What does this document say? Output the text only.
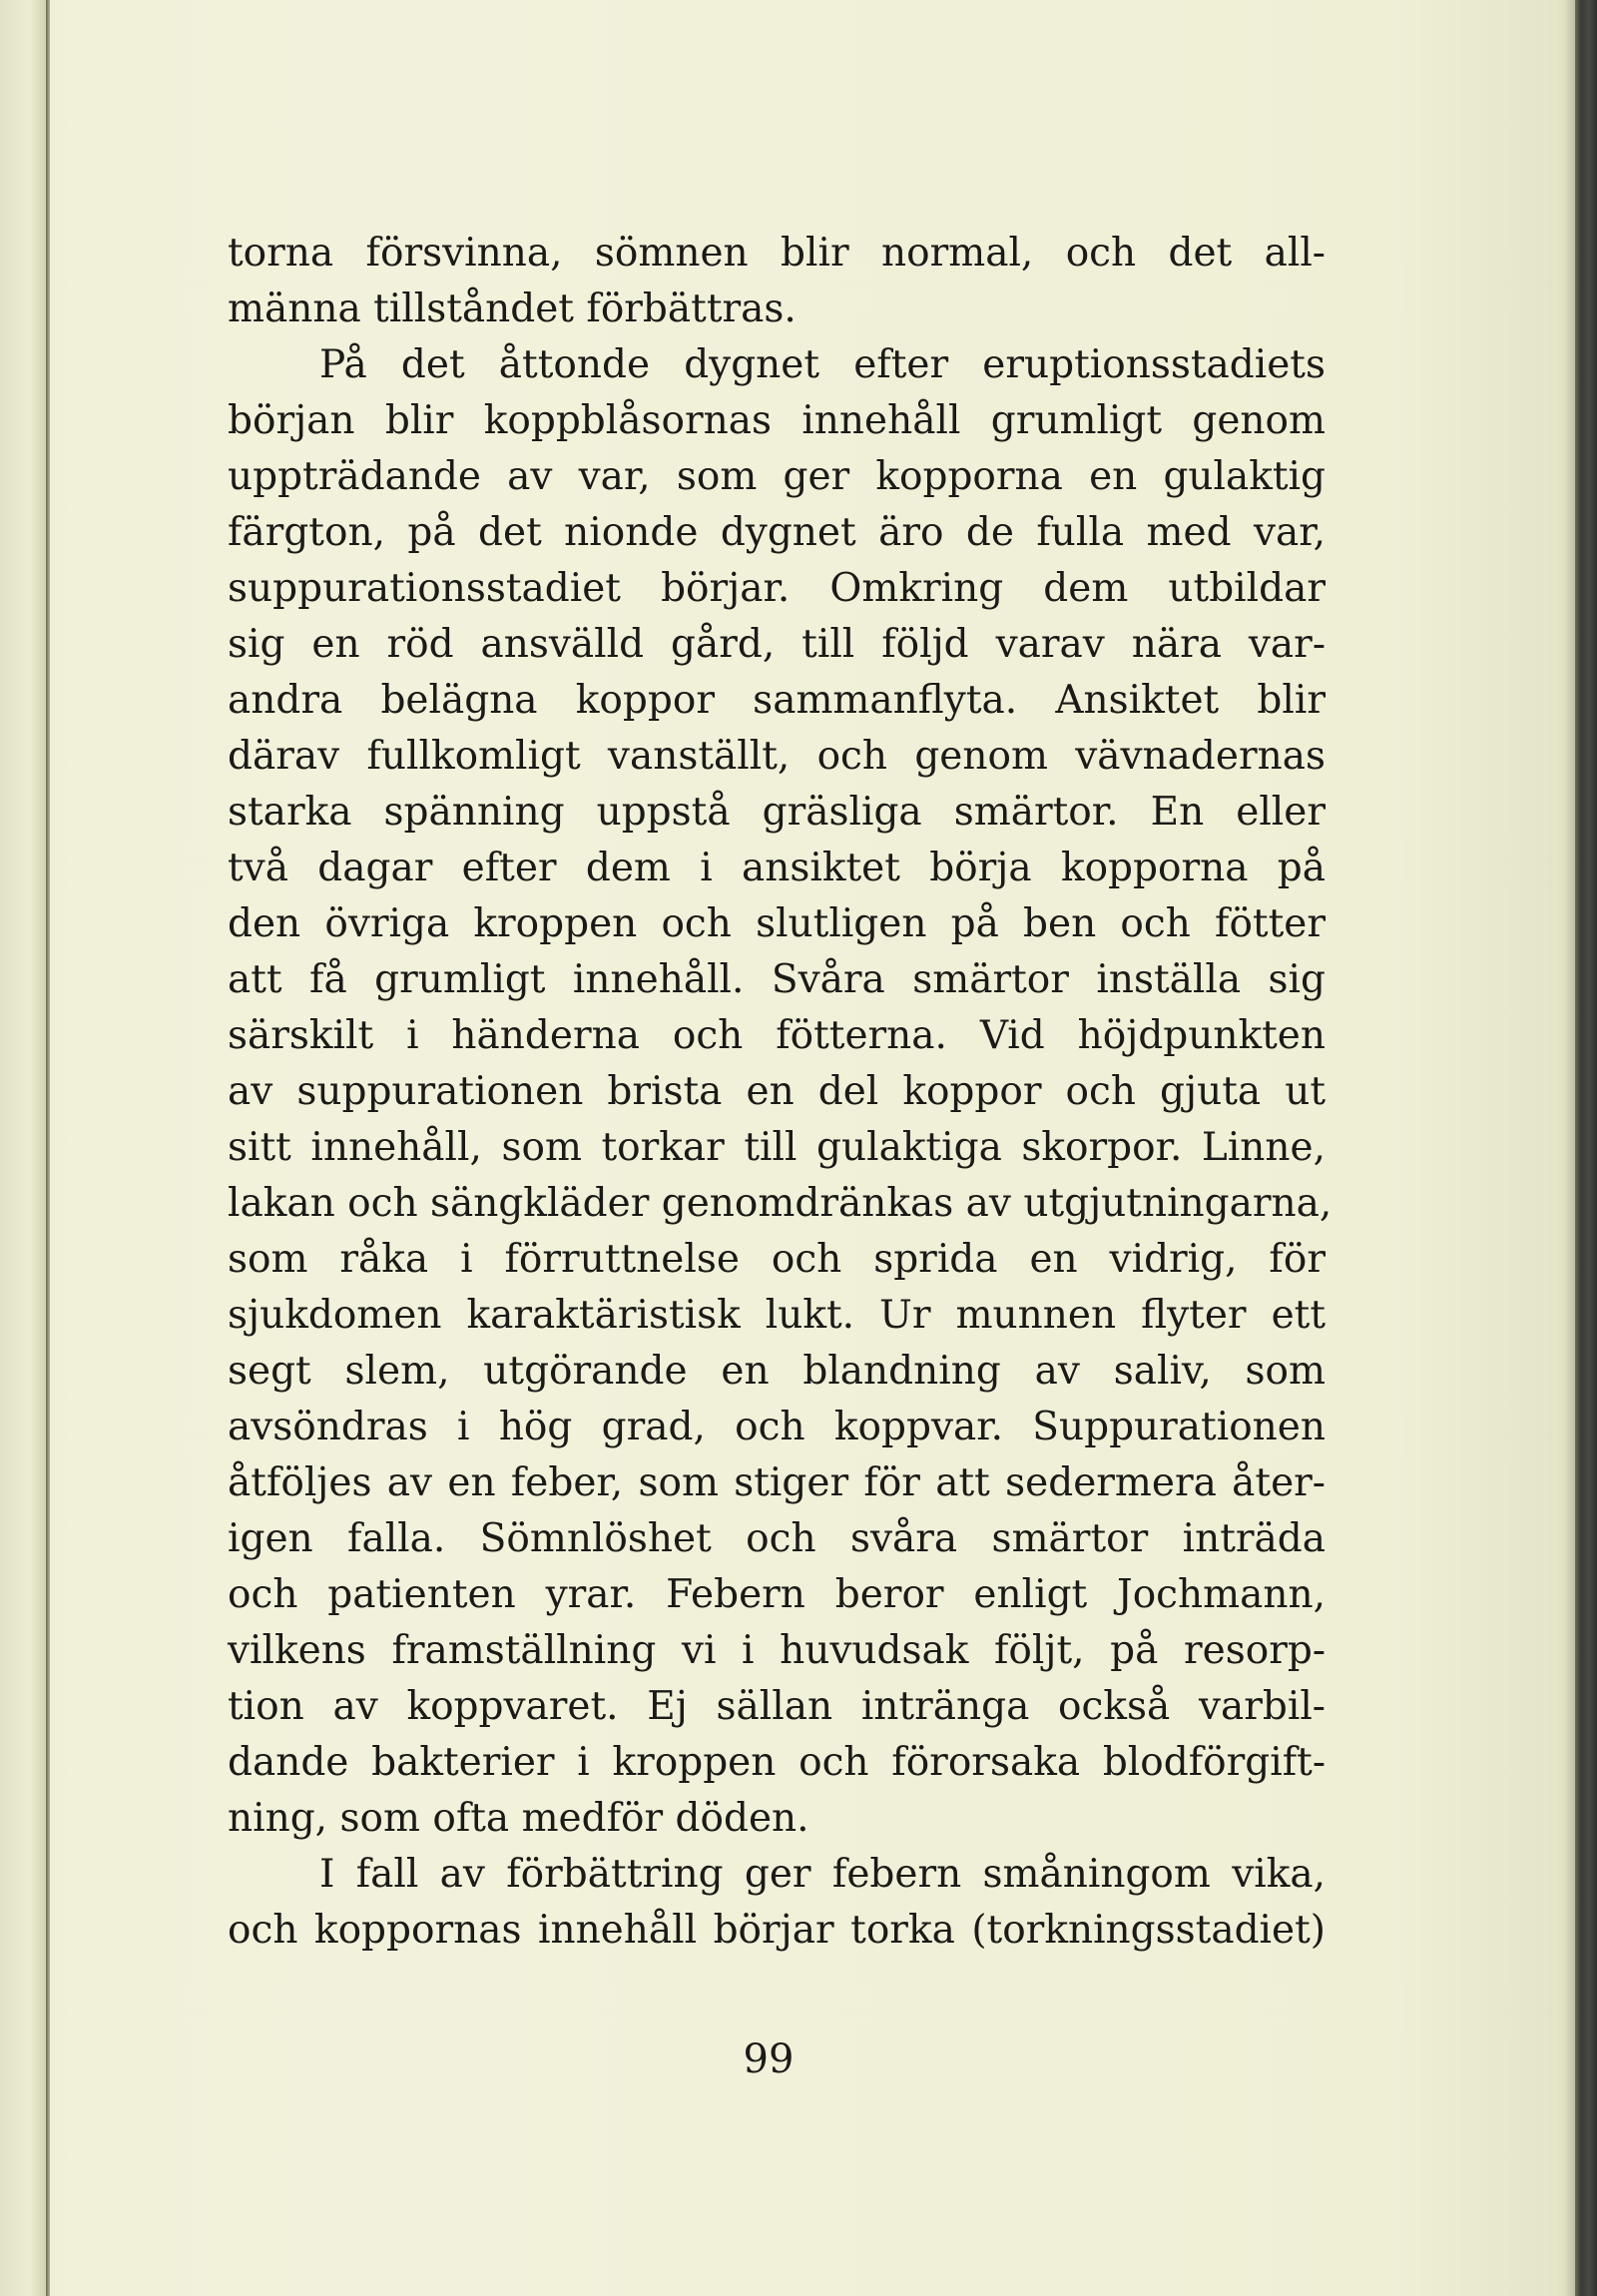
torna försvinna, sömnen blir normal, och det all-
männa tillståndet förbättras.
På det åttonde dygnet efter eruptionsstadiets
början blir koppblåsornas innehåll grumligt genom
uppträdande av var, som ger kopporna en gulaktig
färgton, på det nionde dygnet äro de fulla med var,
suppurationsstadiet börjar. Omkring dem utbildar
sig en röd ansvälld gård, till följd varav nära var-
andra belägna koppor sammanflyta. Ansiktet blir
därav fullkomligt vanställt, och genom vävnadernas
starka spänning uppstå gräsliga smärtor. En eller
två dagar efter dem i ansiktet börja kopporna på
den övriga kroppen och slutligen på ben och fötter
att få grumligt innehåll. Svåra smärtor inställa sig
särskilt i händerna och fötterna. Vid höjdpunkten
av suppurationen brista en del koppor och gjuta ut
sitt innehåll, som torkar till gulaktiga skorpor. Linne,
lakan och sängkläder genomdränkas av utgjutningarna,
som råka i förruttnelse och sprida en vidrig, för
sjukdomen karaktäristisk lukt. Ur munnen flyter ett
segt slem, utgörande en blandning av saliv, som
avsöndras i hög grad, och koppvar. Suppurationen
åtföljes av en feber, som stiger för att sedermera åter-
igen falla. Sömnlöshet och svåra smärtor inträda
och patienten yrar. Febern beror enligt Jochmann,
vilkens framställning vi i huvudsak följt, på resorp-
tion av koppvaret. Ej sällan intränga också varbil-
dande bakterier i kroppen och förorsaka blodförgift-
ning, som ofta medför döden.
I fall av förbättring ger febern småningom vika,
och koppornas innehåll börjar torka (torkningsstadiet)
99
